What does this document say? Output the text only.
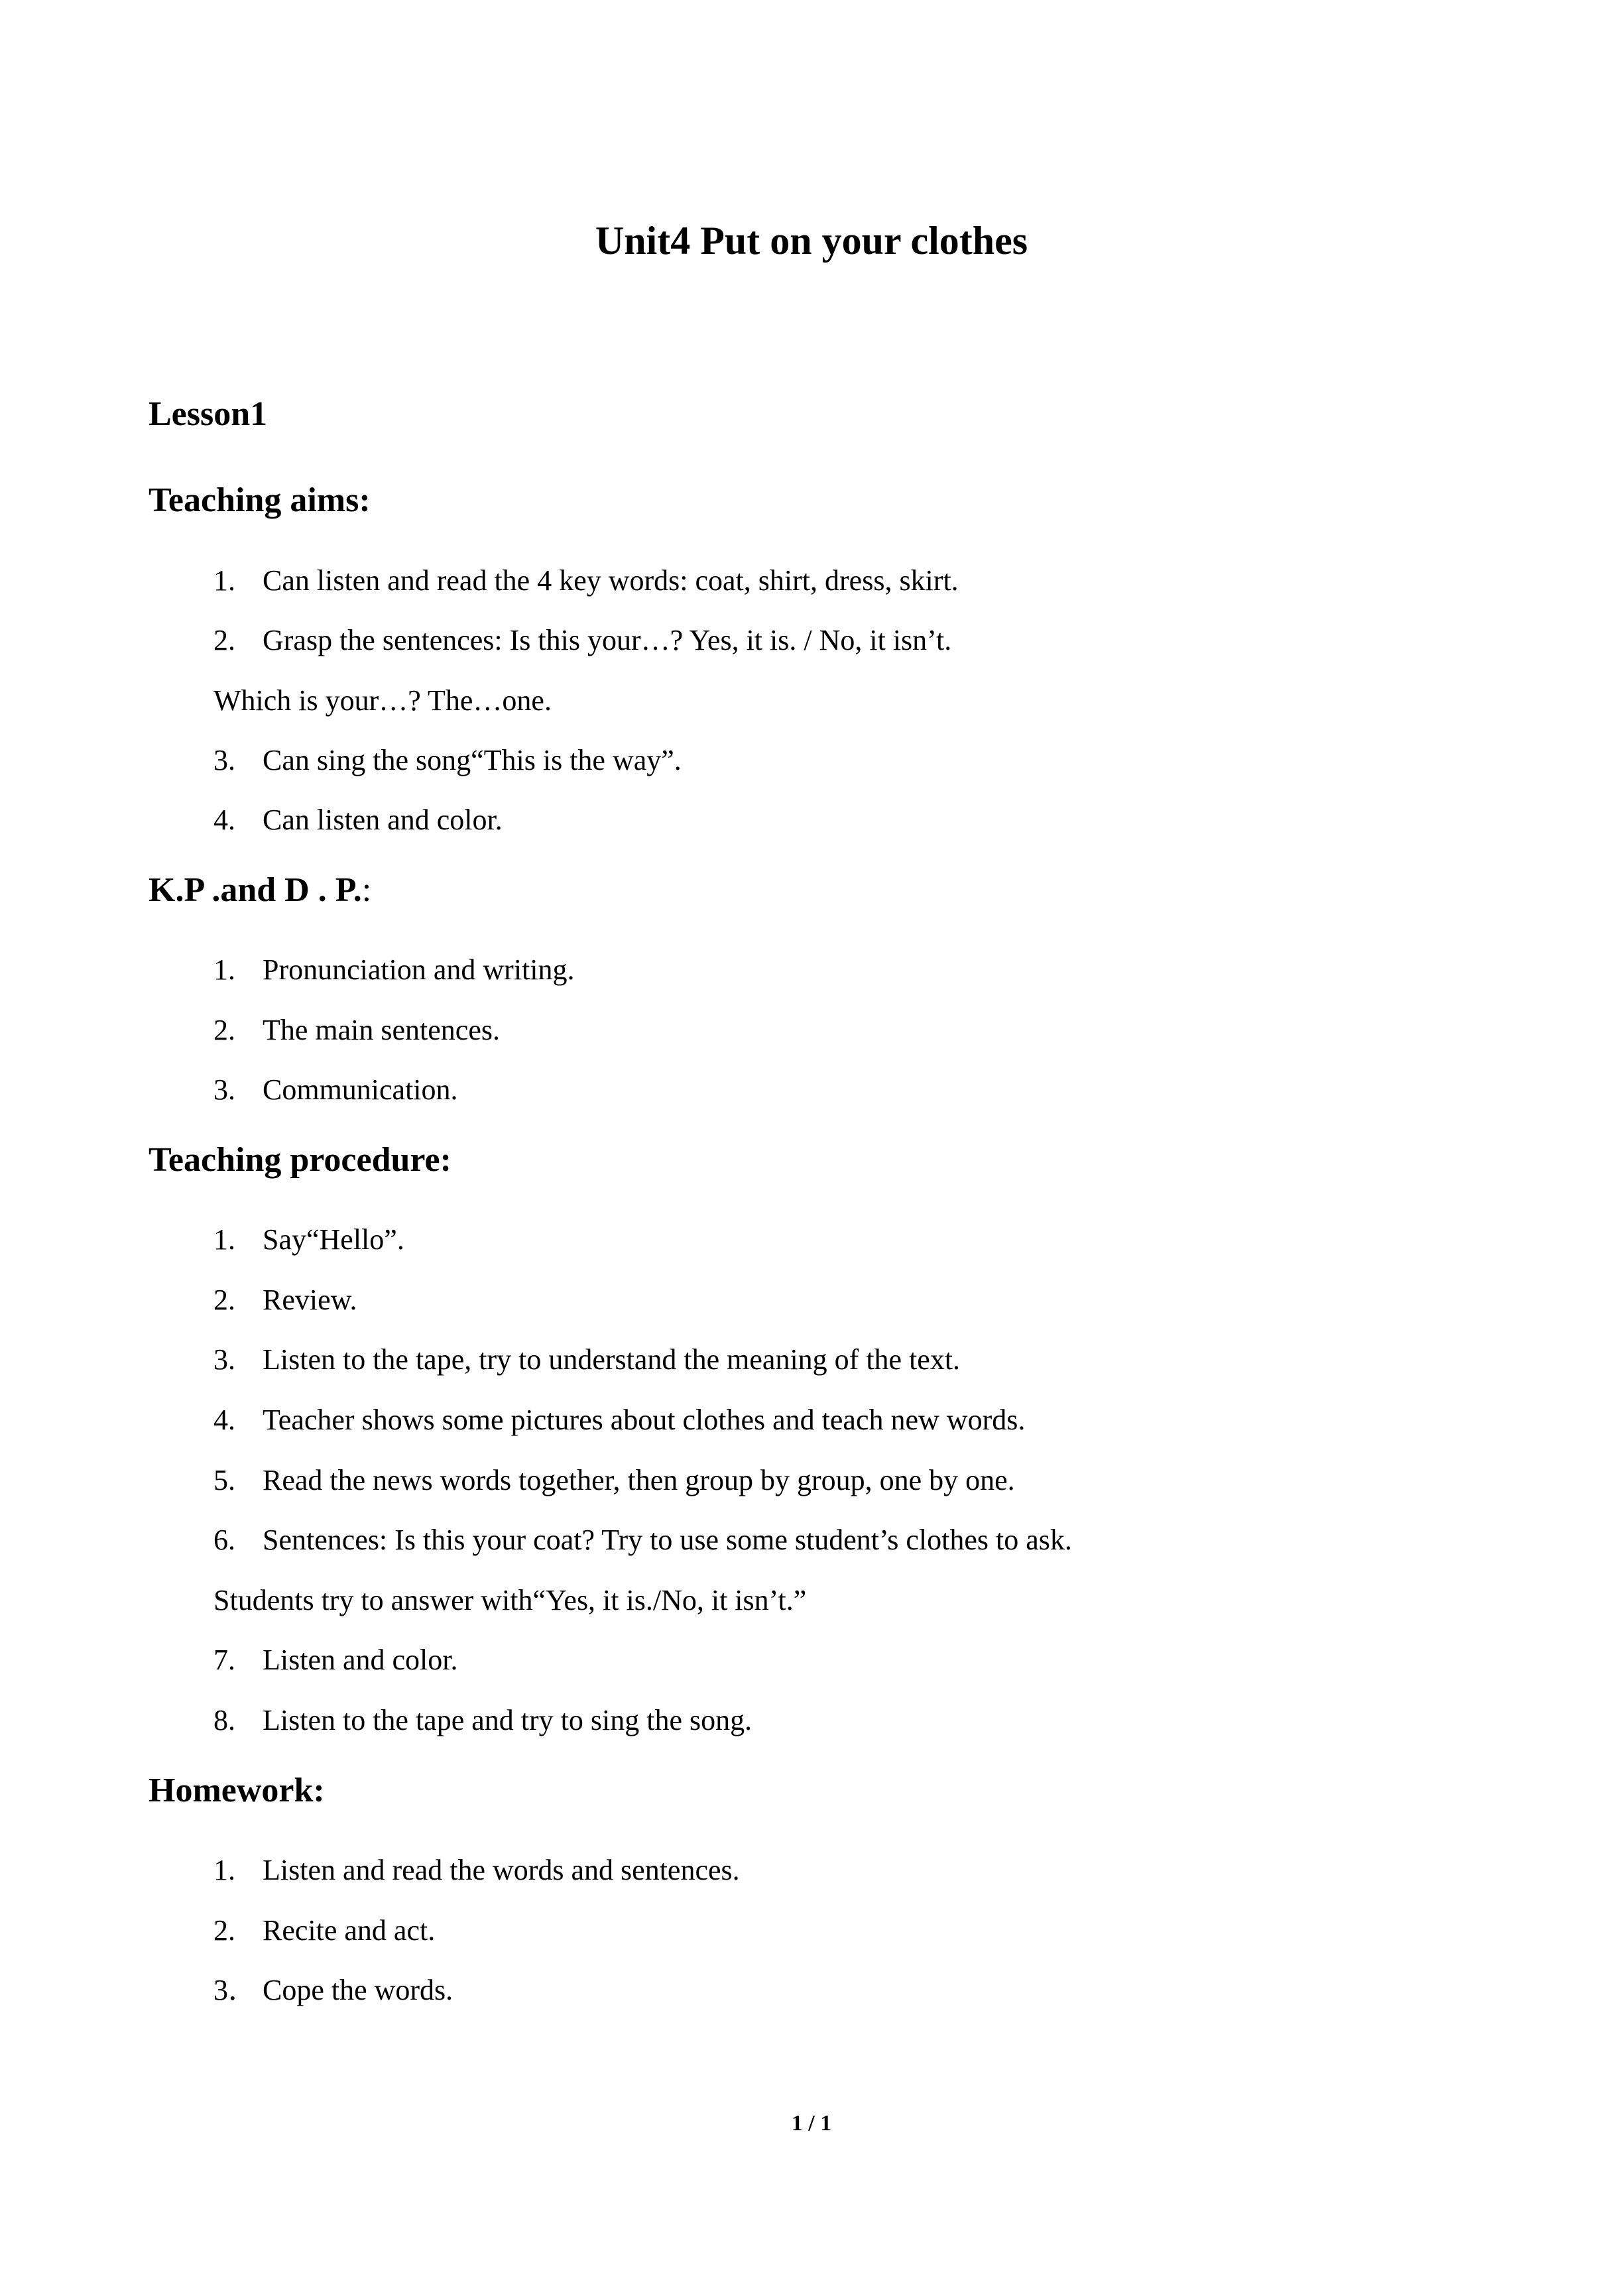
Unit4 Put on your clothes
Lesson1
Teaching aims:
1. Can listen and read the 4 key words: coat, shirt, dress, skirt.
2. Grasp the sentences: Is this your…? Yes, it is. / No, it isn’t.
Which is your…? The…one.
3. Can sing the song“This is the way”.
4. Can listen and color.
K.P .and D . P.:
1. Pronunciation and writing.
2. The main sentences.
3. Communication.
Teaching procedure:
1. Say“Hello”.
2. Review.
3. Listen to the tape, try to understand the meaning of the text.
4. Teacher shows some pictures about clothes and teach new words.
5. Read the news words together, then group by group, one by one.
6. Sentences: Is this your coat? Try to use some student’s clothes to ask.
Students try to answer with“Yes, it is./No, it isn’t.”
7. Listen and color.
8. Listen to the tape and try to sing the song.
Homework:
1. Listen and read the words and sentences.
2. Recite and act.
3． Cope the words.
1 / 1
